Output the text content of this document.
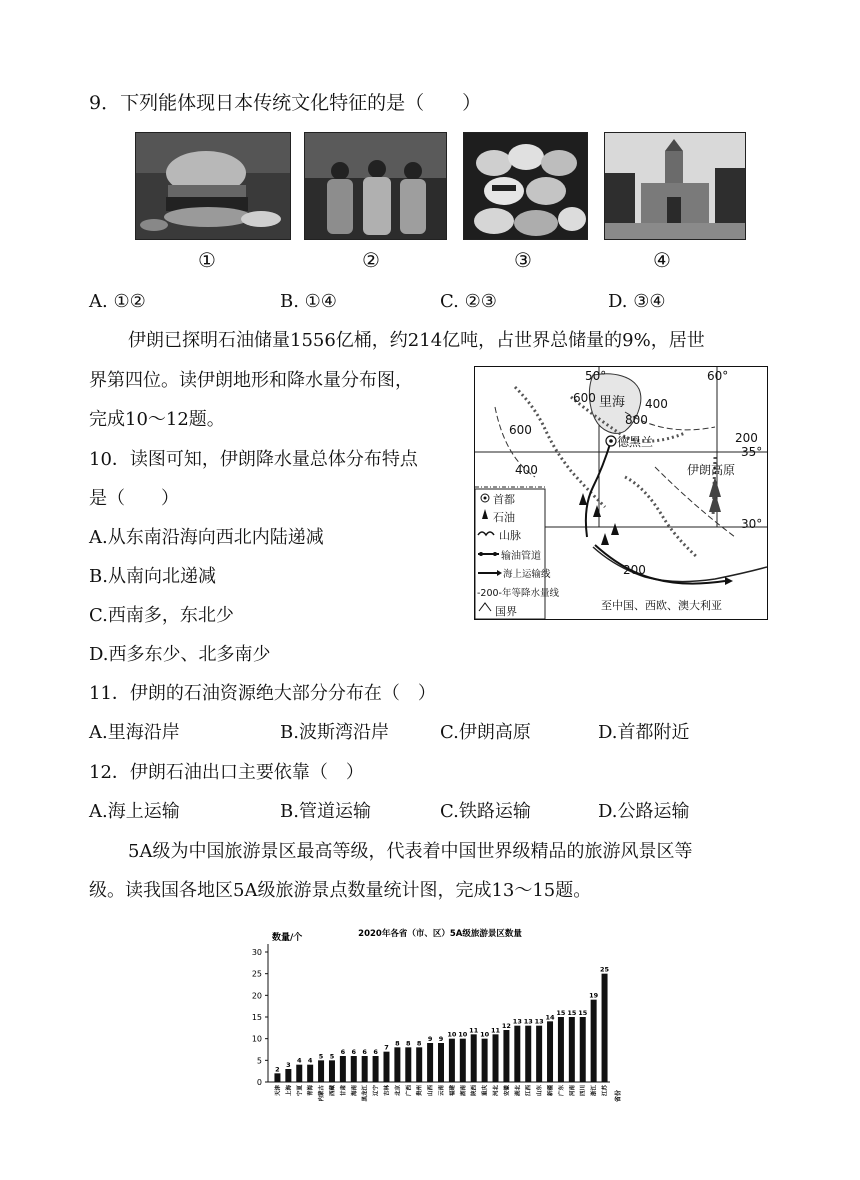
9．下列能体现日本传统文化特征的是（　　）
①	②	③	④
A. ①②	B. ①④	C. ②③	D. ③④
伊朗已探明石油储量1556亿桶，约214亿吨，占世界总储量的9%，居世
界第四位。读伊朗地形和降水量分布图，
完成10～12题。
10．读图可知，伊朗降水量总体分布特点
是（　　）
A.从东南沿海向西北内陆递减
B.从南向北递减
C.西南多，东北少
D.西多东少、北多南少
50°	60°
35°
30°
里海
德黑兰
伊朗高原
600
800
400
600
400
200
200
至中国、西欧、澳大利亚
首都
石油
山脉
输油管道
海上运输线
-200-年等降水量线
国界
11．伊朗的石油资源绝大部分分布在（　）
A.里海沿岸	B.波斯湾沿岸	C.伊朗高原	D.首都附近
12．伊朗石油出口主要依靠（　）
A.海上运输	B.管道运输	C.铁路运输	D.公路运输
5A级为中国旅游景区最高等级，代表着中国世界级精品的旅游风景区等
级。读我国各地区5A级旅游景点数量统计图，完成13～15题。
2020年各省（市、区）5A级旅游景区数量
数量/个
0
5
10
15
20
25
30
2
天津
3
上海
4
宁夏
4
青海
5
内蒙古
5
西藏
6
甘肃
6
海南
6
黑龙江
6
辽宁
7
吉林
8
北京
8
广西
8
贵州
9
山西
9
云南
10
福建
10
湖南
11
陕西
10
重庆
11
河北
12
安徽
13
湖北
13
江西
13
山东
14
新疆
15
广东
15
河南
15
四川
19
浙江
25
江苏 省份
